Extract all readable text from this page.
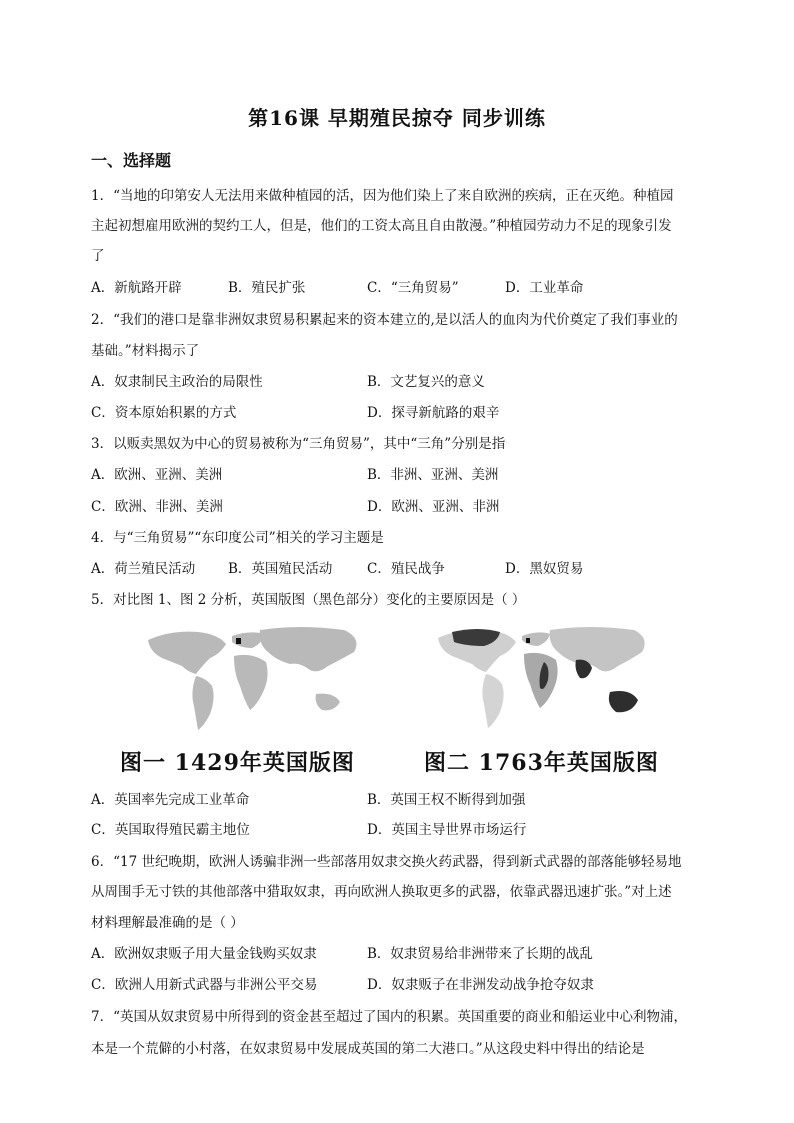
第16课 早期殖民掠夺 同步训练
一、选择题
1．“当地的印第安人无法用来做种植园的活，因为他们染上了来自欧洲的疾病，正在灭绝。种植园
主起初想雇用欧洲的契约工人，但是，他们的工资太高且自由散漫。”种植园劳动力不足的现象引发
了
A．新航路开辟	B．殖民扩张	C．“三角贸易”	D．工业革命
2．“我们的港口是靠非洲奴隶贸易积累起来的资本建立的,是以活人的血肉为代价奠定了我们事业的
基础。”材料揭示了
A．奴隶制民主政治的局限性	B．文艺复兴的意义
C．资本原始积累的方式	D．探寻新航路的艰辛
3．以贩卖黑奴为中心的贸易被称为“三角贸易”，其中“三角”分别是指
A．欧洲、亚洲、美洲	B．非洲、亚洲、美洲
C．欧洲、非洲、美洲	D．欧洲、亚洲、非洲
4．与“三角贸易”“东印度公司”相关的学习主题是
A．荷兰殖民活动 B．英国殖民活动	C．殖民战争	D．黑奴贸易
5．对比图 1、图 2 分析，英国版图（黑色部分）变化的主要原因是（ ）
图一 1429年英国版图	图二 1763年英国版图
A．英国率先完成工业革命	B．英国王权不断得到加强
C．英国取得殖民霸主地位	D．英国主导世界市场运行
6．“17 世纪晚期，欧洲人诱骗非洲一些部落用奴隶交换火药武器，得到新式武器的部落能够轻易地
从周围手无寸铁的其他部落中猎取奴隶，再向欧洲人换取更多的武器，依靠武器迅速扩张。”对上述
材料理解最准确的是（ ）
A．欧洲奴隶贩子用大量金钱购买奴隶	B．奴隶贸易给非洲带来了长期的战乱
C．欧洲人用新式武器与非洲公平交易	D．奴隶贩子在非洲发动战争抢夺奴隶
7．“英国从奴隶贸易中所得到的资金甚至超过了国内的积累。英国重要的商业和船运业中心利物浦，
本是一个荒僻的小村落，在奴隶贸易中发展成英国的第二大港口。”从这段史料中得出的结论是
